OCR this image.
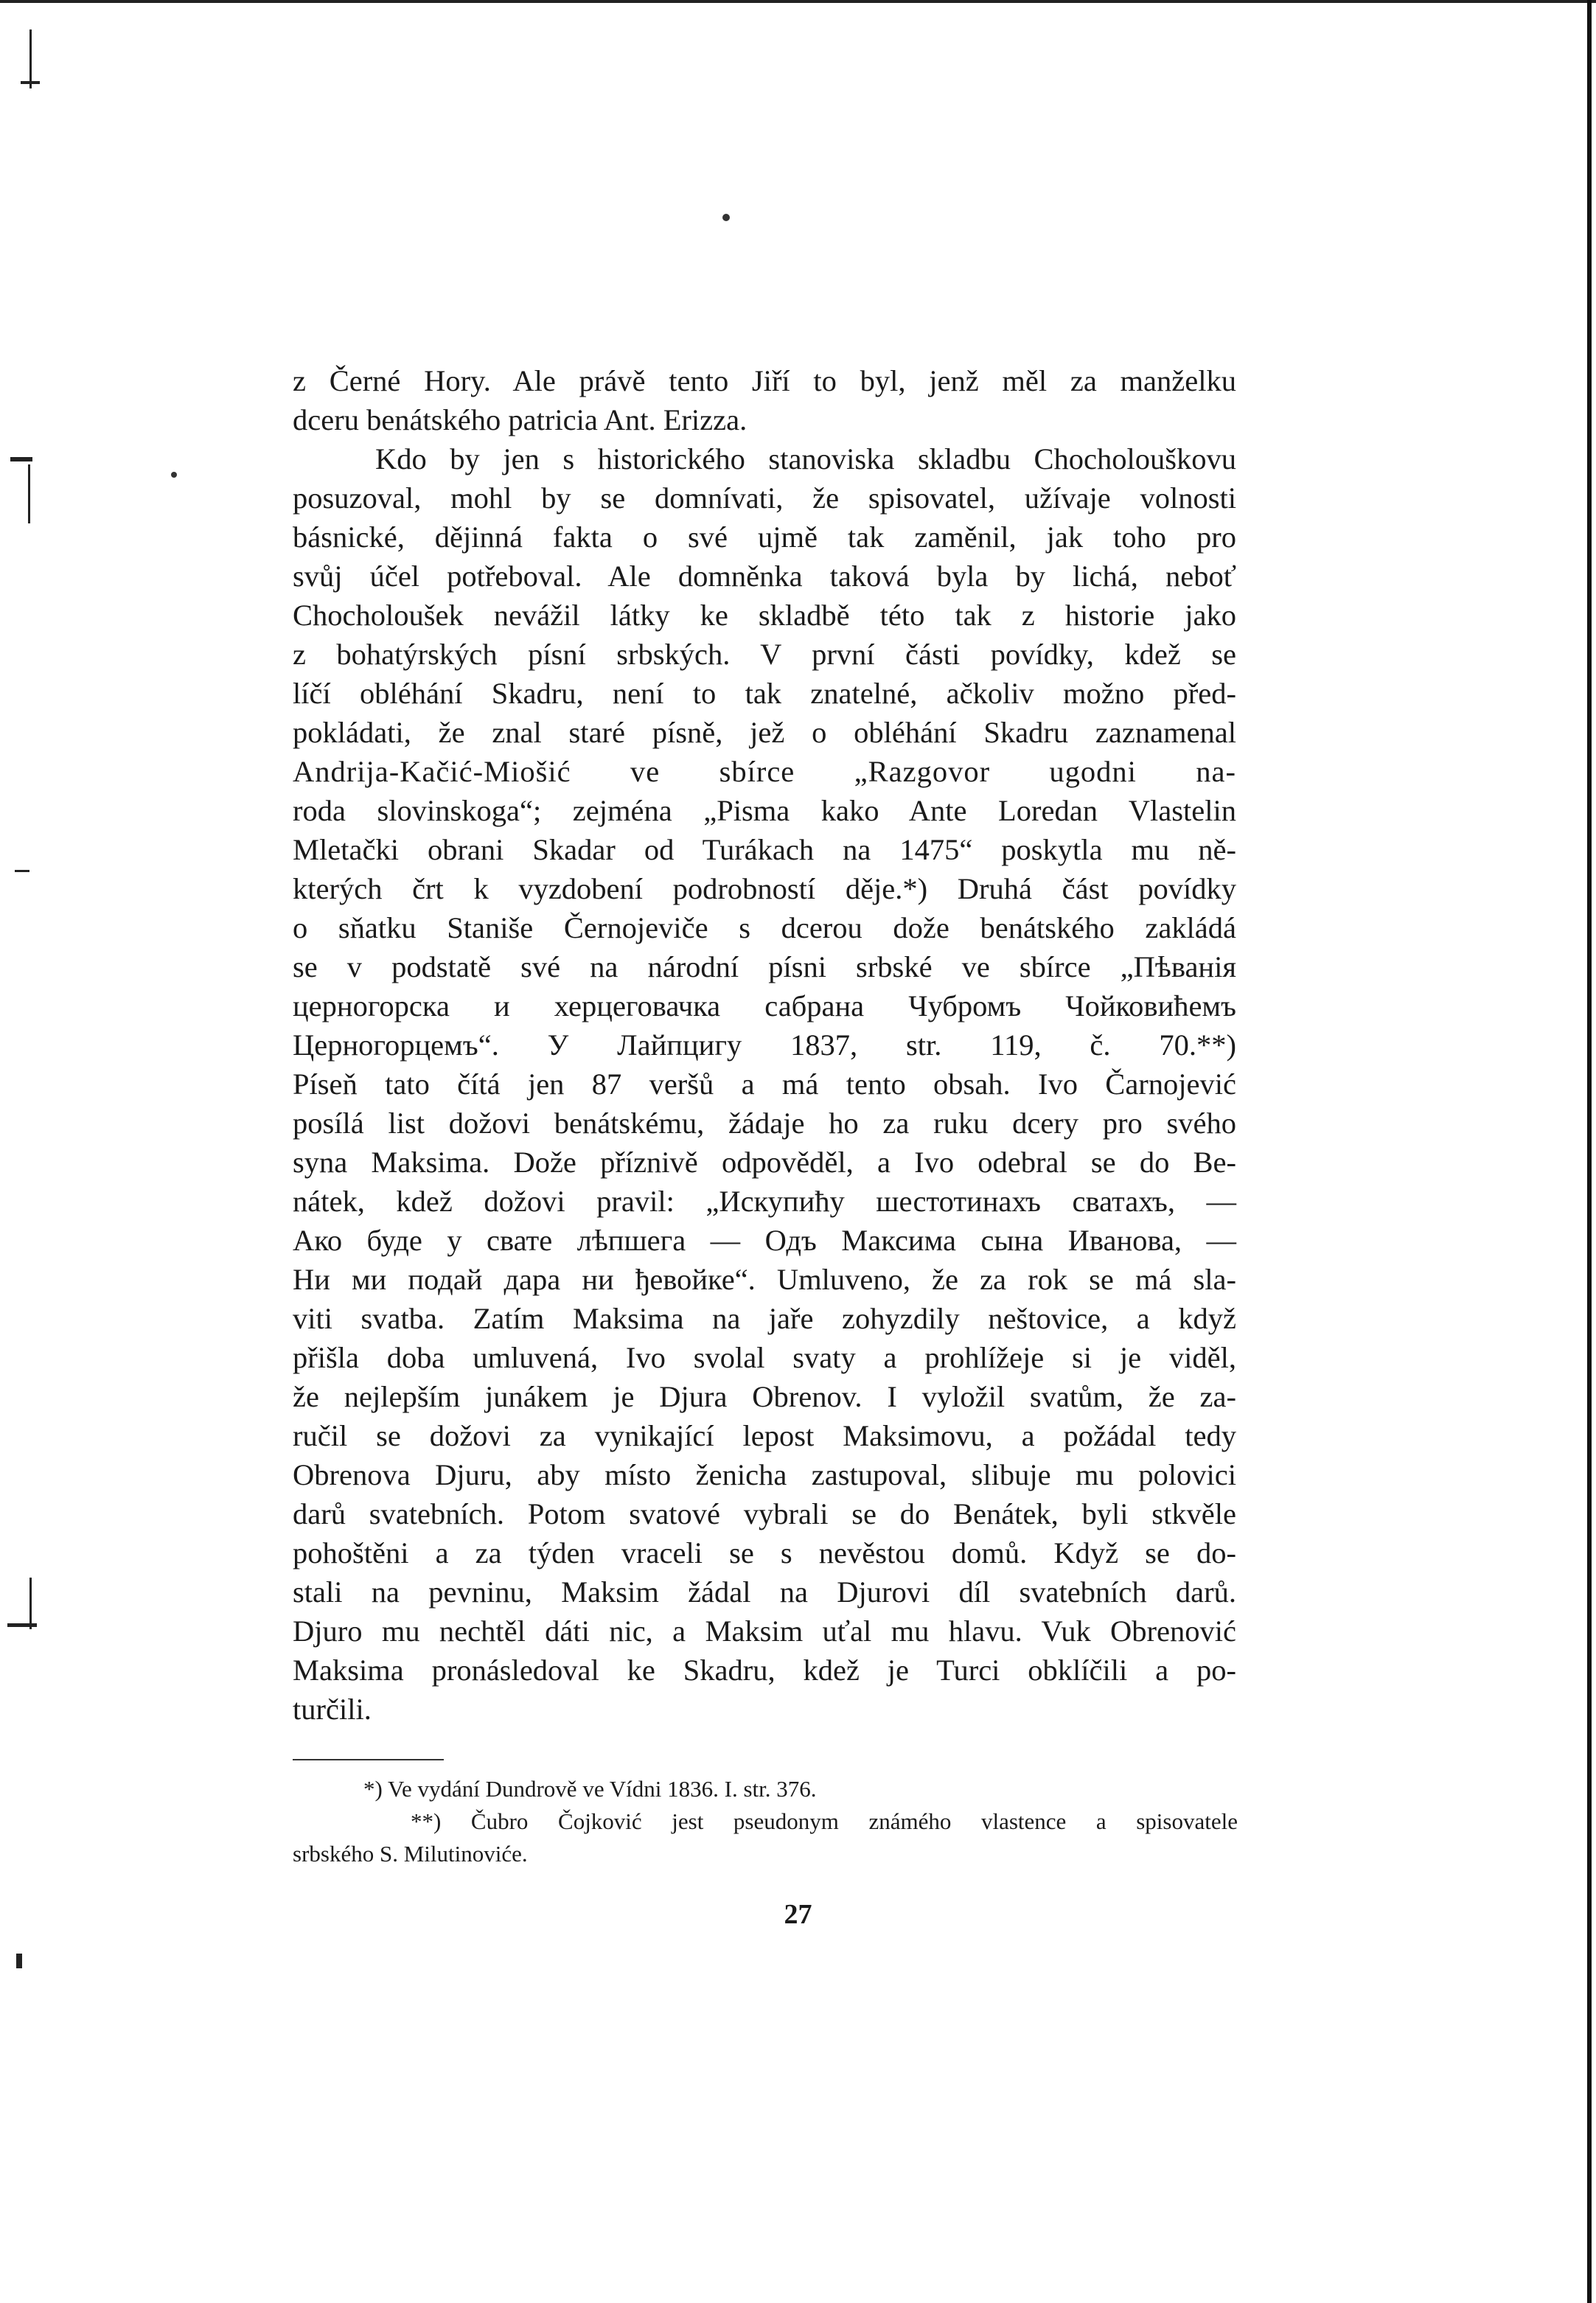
z Černé Hory. Ale právě tento Jiří to byl, jenž měl za manželku
dceru benátského patricia Ant. Erizza.
Kdo by jen s historického stanoviska skladbu Chocholouškovu
posuzoval, mohl by se domnívati, že spisovatel, užívaje volnosti
básnické, dějinná fakta o své ujmě tak zaměnil, jak toho pro
svůj účel potřeboval. Ale domněnka taková byla by lichá, neboť
Chocholoušek nevážil látky ke skladbě této tak z historie jako
z bohatýrských písní srbských. V první části povídky, kdež se
líčí obléhání Skadru, není to tak znatelné, ačkoliv možno před-
pokládati, že znal staré písně, jež o obléhání Skadru zaznamenal
Andrija-Kačić-Miošić ve sbírce „Razgovor ugodni na-
roda slovinskoga“; zejména „Pisma kako Ante Loredan Vlastelin
Mletački obrani Skadar od Turákach na 1475“ poskytla mu ně-
kterých črt k vyzdobení podrobností děje.*) Druhá část povídky
o sňatku Staniše Černojeviče s dcerou dože benátského zakládá
se v podstatě své na národní písni srbské ve sbírce „Пѣванія
церногорска и херцеговачка сабрана Чубромъ Чойковићемъ
Церногорцемъ“. У Лайпцигу 1837, str. 119, č. 70.**)
Píseň tato čítá jen 87 veršů a má tento obsah. Ivo Čarnojević
posílá list dožovi benátskému, žádaje ho za ruku dcery pro svého
syna Maksima. Dože příznivě odpověděl, a Ivo odebral se do Be-
nátek, kdež dožovi pravil: „Искупиħу шестотинахъ сватахъ, —
Ако буде у свате лѣпшега — Одъ Максима сына Иванова, —
Ни ми подай дара ни ђевойке“. Umluveno, že za rok se má sla-
viti svatba. Zatím Maksima na jaře zohyzdily neštovice, a když
přišla doba umluvená, Ivo svolal svaty a prohlížeje si je viděl,
že nejlepším junákem je Djura Obrenov. I vyložil svatům, že za-
ručil se dožovi za vynikající lepost Maksimovu, a požádal tedy
Obrenova Djuru, aby místo ženicha zastupoval, slibuje mu polovici
darů svatebních. Potom svatové vybrali se do Benátek, byli stkvěle
pohoštěni a za týden vraceli se s nevěstou domů. Když se do-
stali na pevninu, Maksim žádal na Djurovi díl svatebních darů.
Djuro mu nechtěl dáti nic, a Maksim uťal mu hlavu. Vuk Obrenović
Maksima pronásledoval ke Skadru, kdež je Turci obklíčili a po-
turčili.
*) Ve vydání Dundrově ve Vídni 1836. I. str. 376.
**) Čubro Čojković jest pseudonym známého vlastence a spisovatele
srbského S. Milutinoviće.
27
